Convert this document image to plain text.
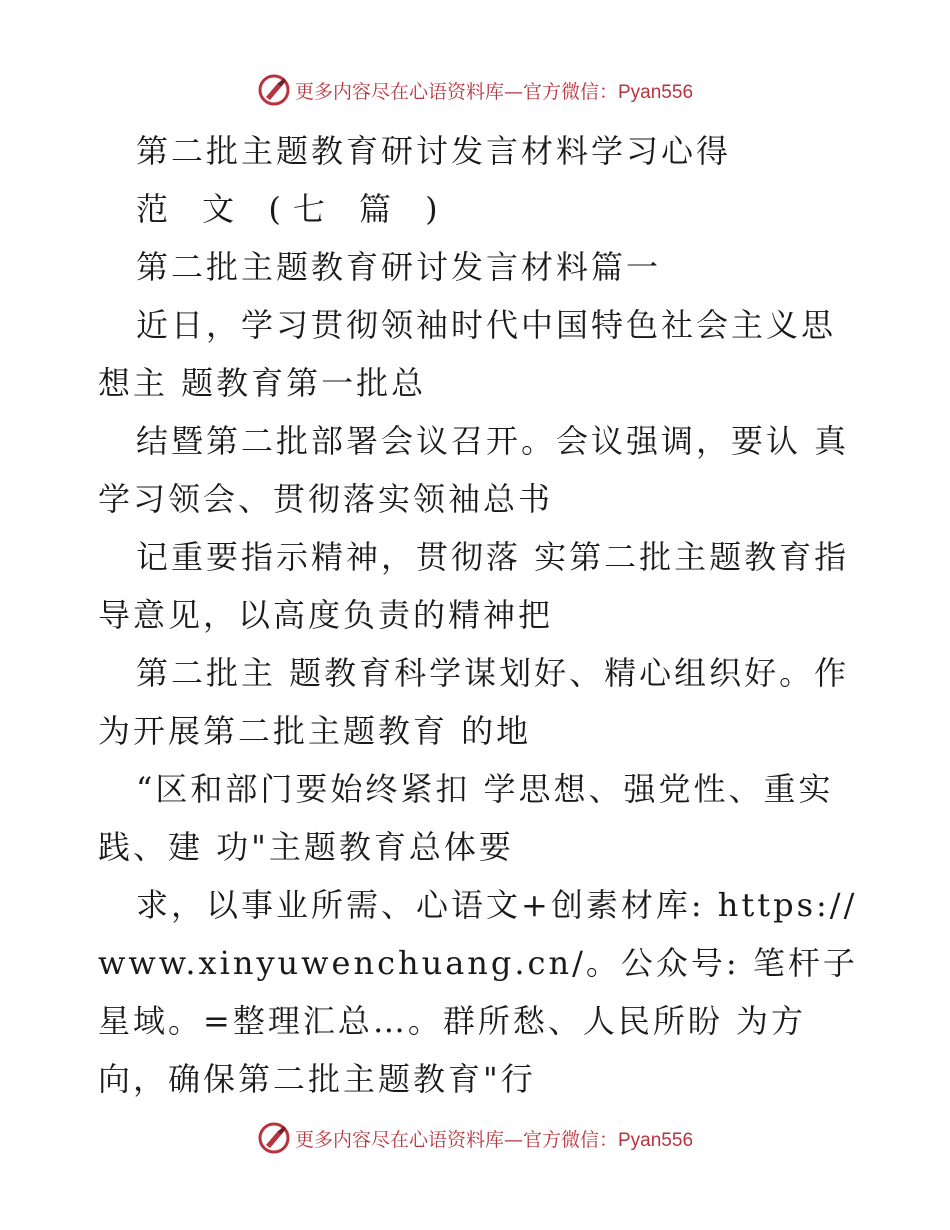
更多内容尽在心语资料库—官方微信：Pyan556

第二批主题教育研讨发言材料学习心得

范 文 (七 篇 )

第二批主题教育研讨发言材料篇一

近日，学习贯彻领袖时代中国特色社会主义思想主 题教育第一批总

结暨第二批部署会议召开。会议强调，要认 真学习领会、贯彻落实领袖总书

记重要指示精神，贯彻落 实第二批主题教育指导意见，以高度负责的精神把

第二批主 题教育科学谋划好、精心组织好。作为开展第二批主题教育 的地

“区和部门要始终紧扣 学思想、强党性、重实践、建 功"主题教育总体要

求，以事业所需、心语文+创素材库: https:// www.xinyuwenchuang.cn/。公众号: 笔杆子星域。=整理汇总…。群所愁、人民所盼 为方向，确保第二批主题教育"行

更多内容尽在心语资料库—官方微信：Pyan556
